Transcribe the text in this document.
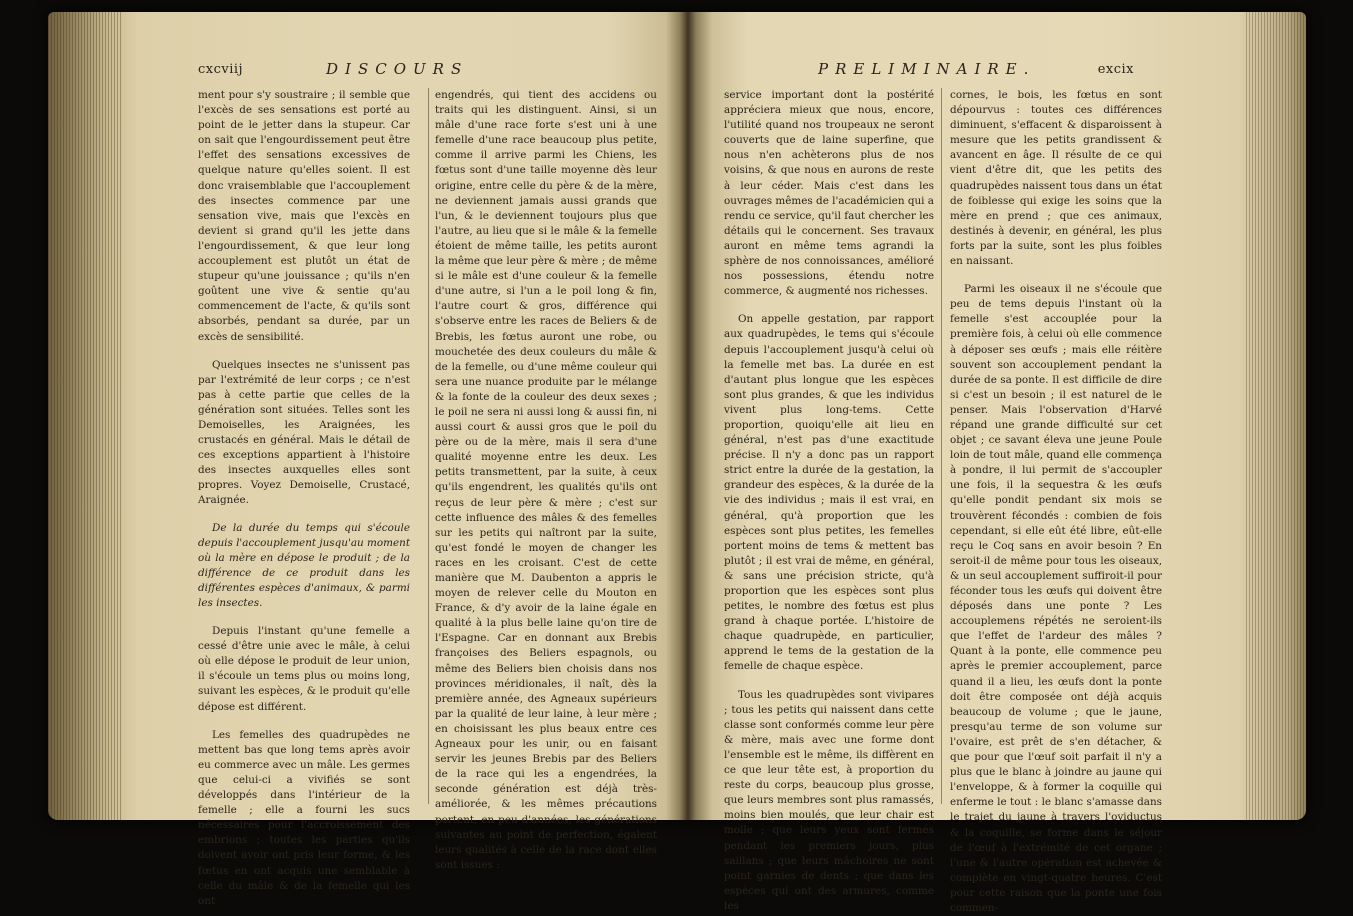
cxcviij	DISCOURS

ment pour s'y soustraire ; il semble que l'excès de ses sensations est porté au point de le jetter dans la stupeur. Car on sait que l'engourdissement peut être l'effet des sensations excessives de quelque nature qu'elles soient. Il est donc vraisemblable que l'accouplement des insectes commence par une sensation vive, mais que l'excès en devient si grand qu'il les jette dans l'engourdissement, & que leur long accouplement est plutôt un état de stupeur qu'une jouissance ; qu'ils n'en goûtent une vive & sentie qu'au commencement de l'acte, & qu'ils sont absorbés, pendant sa durée, par un excès de sensibilité.

Quelques insectes ne s'unissent pas par l'extrémité de leur corps ; ce n'est pas à cette partie que celles de la génération sont situées. Telles sont les Demoiselles, les Araignées, les crustacés en général. Mais le détail de ces exceptions appartient à l'histoire des insectes auxquelles elles sont propres. Voyez Demoiselle, Crustacé, Araignée.

De la durée du temps qui s'écoule depuis l'accouplement jusqu'au moment où la mère en dépose le produit ; de la différence de ce produit dans les différentes espèces d'animaux, & parmi les insectes.

Depuis l'instant qu'une femelle a cessé d'être unie avec le mâle, à celui où elle dépose le produit de leur union, il s'écoule un tems plus ou moins long, suivant les espèces, & le produit qu'elle dépose est différent.

Les femelles des quadrupèdes ne mettent bas que long tems après avoir eu commerce avec un mâle. Les germes que celui-ci a vivifiés se sont développés dans l'intérieur de la femelle ; elle a fourni les sucs nécessaires pour l'accroissement des embrions ; toutes les parties qu'ils doivent avoir ont pris leur forme, & les fœtus en ont acquis une semblable à celle du mâle & de la femelle qui les ont

engendrés, qui tient des accidens ou traits qui les distinguent. Ainsi, si un mâle d'une race forte s'est uni à une femelle d'une race beaucoup plus petite, comme il arrive parmi les Chiens, les fœtus sont d'une taille moyenne dès leur origine, entre celle du père & de la mère, ne deviennent jamais aussi grands que l'un, & le deviennent toujours plus que l'autre, au lieu que si le mâle & la femelle étoient de même taille, les petits auront la même que leur père & mère ; de même si le mâle est d'une couleur & la femelle d'une autre, si l'un a le poil long & fin, l'autre court & gros, différence qui s'observe entre les races de Beliers & de Brebis, les fœtus auront une robe, ou mouchetée des deux couleurs du mâle & de la femelle, ou d'une même couleur qui sera une nuance produite par le mélange & la fonte de la couleur des deux sexes ; le poil ne sera ni aussi long & aussi fin, ni aussi court & aussi gros que le poil du père ou de la mère, mais il sera d'une qualité moyenne entre les deux. Les petits transmettent, par la suite, à ceux qu'ils engendrent, les qualités qu'ils ont reçus de leur père & mère ; c'est sur cette influence des mâles & des femelles sur les petits qui naîtront par la suite, qu'est fondé le moyen de changer les races en les croisant. C'est de cette manière que M. Daubenton a appris le moyen de relever celle du Mouton en France, & d'y avoir de la laine égale en qualité à la plus belle laine qu'on tire de l'Espagne. Car en donnant aux Brebis françoises des Beliers espagnols, ou même des Beliers bien choisis dans nos provinces méridionales, il naît, dès la première année, des Agneaux supérieurs par la qualité de leur laine, à leur mère ; en choisissant les plus beaux entre ces Agneaux pour les unir, ou en faisant servir les jeunes Brebis par des Beliers de la race qui les a engendrées, la seconde génération est déjà très-améliorée, & les mêmes précautions portent, en peu d'années, les générations suivantes au point de perfection, égalent leurs qualités à celle de la race dont elles sont issues :

PRELIMINAIRE.	excix

service important dont la postérité appréciera mieux que nous, encore, l'utilité quand nos troupeaux ne seront couverts que de laine superfine, que nous n'en achèterons plus de nos voisins, & que nous en aurons de reste à leur céder. Mais c'est dans les ouvrages mêmes de l'académicien qui a rendu ce service, qu'il faut chercher les détails qui le concernent. Ses travaux auront en même tems agrandi la sphère de nos connoissances, amélioré nos possessions, étendu notre commerce, & augmenté nos richesses.

On appelle gestation, par rapport aux quadrupèdes, le tems qui s'écoule depuis l'accouplement jusqu'à celui où la femelle met bas. La durée en est d'autant plus longue que les espèces sont plus grandes, & que les individus vivent plus long-tems. Cette proportion, quoiqu'elle ait lieu en général, n'est pas d'une exactitude précise. Il n'y a donc pas un rapport strict entre la durée de la gestation, la grandeur des espèces, & la durée de la vie des individus ; mais il est vrai, en général, qu'à proportion que les espèces sont plus petites, les femelles portent moins de tems & mettent bas plutôt ; il est vrai de même, en général, & sans une précision stricte, qu'à proportion que les espèces sont plus petites, le nombre des fœtus est plus grand à chaque portée. L'histoire de chaque quadrupède, en particulier, apprend le tems de la gestation de la femelle de chaque espèce.

Tous les quadrupèdes sont vivipares ; tous les petits qui naissent dans cette classe sont conformés comme leur père & mère, mais avec une forme dont l'ensemble est le même, ils diffèrent en ce que leur tête est, à proportion du reste du corps, beaucoup plus grosse, que leurs membres sont plus ramassés, moins bien moulés, que leur chair est molle ; que leurs yeux sont fermés pendant les premiers jours, plus saillans ; que leurs mâchoires ne sont point garnies de dents ; que dans les espèces qui ont des armures, comme les

cornes, le bois, les fœtus en sont dépourvus : toutes ces différences diminuent, s'effacent & disparoissent à mesure que les petits grandissent & avancent en âge. Il résulte de ce qui vient d'être dit, que les petits des quadrupèdes naissent tous dans un état de foiblesse qui exige les soins que la mère en prend ; que ces animaux, destinés à devenir, en général, les plus forts par la suite, sont les plus foibles en naissant.

Parmi les oiseaux il ne s'écoule que peu de tems depuis l'instant où la femelle s'est accouplée pour la première fois, à celui où elle commence à déposer ses œufs ; mais elle réitère souvent son accouplement pendant la durée de sa ponte. Il est difficile de dire si c'est un besoin ; il est naturel de le penser. Mais l'observation d'Harvé répand une grande difficulté sur cet objet ; ce savant éleva une jeune Poule loin de tout mâle, quand elle commença à pondre, il lui permit de s'accoupler une fois, il la sequestra & les œufs qu'elle pondit pendant six mois se trouvèrent fécondés : combien de fois cependant, si elle eût été libre, eût-elle reçu le Coq sans en avoir besoin ? En seroit-il de même pour tous les oiseaux, & un seul accouplement suffiroit-il pour féconder tous les œufs qui doivent être déposés dans une ponte ? Les accouplemens répétés ne seroient-ils que l'effet de l'ardeur des mâles ? Quant à la ponte, elle commence peu après le premier accouplement, parce quand il a lieu, les œufs dont la ponte doit être composée ont déjà acquis beaucoup de volume ; que le jaune, presqu'au terme de son volume sur l'ovaire, est prêt de s'en détacher, & que pour que l'œuf soit parfait il n'y a plus que le blanc à joindre au jaune qui l'enveloppe, & à former la coquille qui enferme le tout : le blanc s'amasse dans le trajet du jaune à travers l'oviductus & la coquille, se forme dans le séjour de l'œuf à l'extrémité de cet organe ; l'une & l'autre opération est achevée & complète en vingt-quatre heures. C'est pour cette raison que la ponte une fois commen-
